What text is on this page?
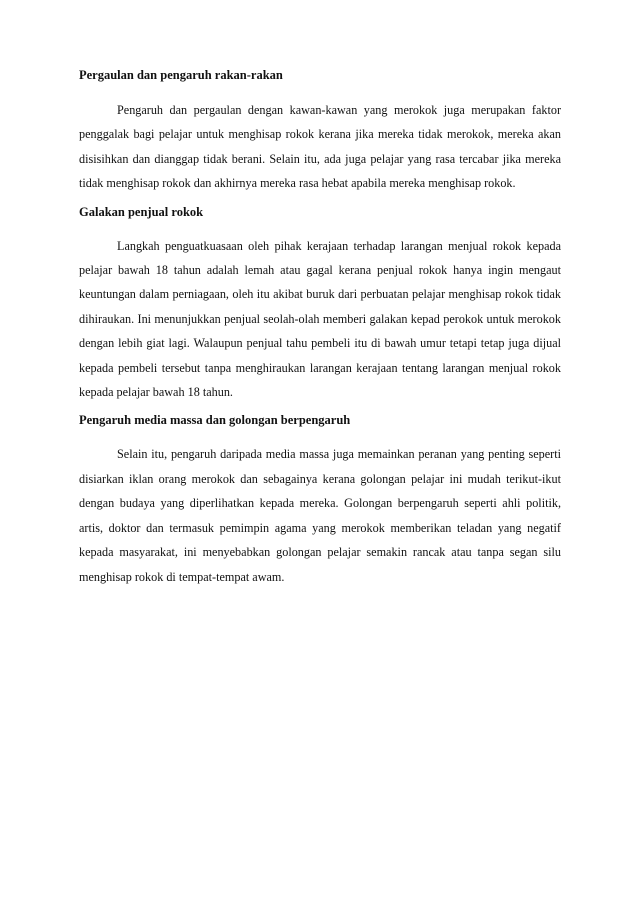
Pergaulan dan pengaruh rakan-rakan

Pengaruh dan pergaulan dengan kawan-kawan yang merokok juga merupakan faktor penggalak bagi pelajar untuk menghisap rokok kerana jika mereka tidak merokok, mereka akan disisihkan dan dianggap tidak berani. Selain itu, ada juga pelajar yang rasa tercabar jika mereka tidak menghisap rokok dan akhirnya mereka rasa hebat apabila mereka menghisap rokok.

Galakan penjual rokok

Langkah penguatkuasaan oleh pihak kerajaan terhadap larangan menjual rokok kepada pelajar bawah 18 tahun adalah lemah atau gagal kerana penjual rokok hanya ingin mengaut keuntungan dalam perniagaan, oleh itu akibat buruk dari perbuatan pelajar menghisap rokok tidak dihiraukan. Ini menunjukkan penjual seolah-olah memberi galakan kepad perokok untuk merokok dengan lebih giat lagi. Walaupun penjual tahu pembeli itu di bawah umur tetapi tetap juga dijual kepada pembeli tersebut tanpa menghiraukan larangan kerajaan tentang larangan menjual rokok kepada pelajar bawah 18 tahun.

Pengaruh media massa dan golongan berpengaruh

Selain itu, pengaruh daripada media massa juga memainkan peranan yang penting seperti disiarkan iklan orang merokok dan sebagainya kerana golongan pelajar ini mudah terikut-ikut dengan budaya yang diperlihatkan kepada mereka. Golongan berpengaruh seperti ahli politik, artis, doktor dan termasuk pemimpin agama yang merokok memberikan teladan yang negatif kepada masyarakat, ini menyebabkan golongan pelajar semakin rancak atau tanpa segan silu menghisap rokok di tempat-tempat awam.
